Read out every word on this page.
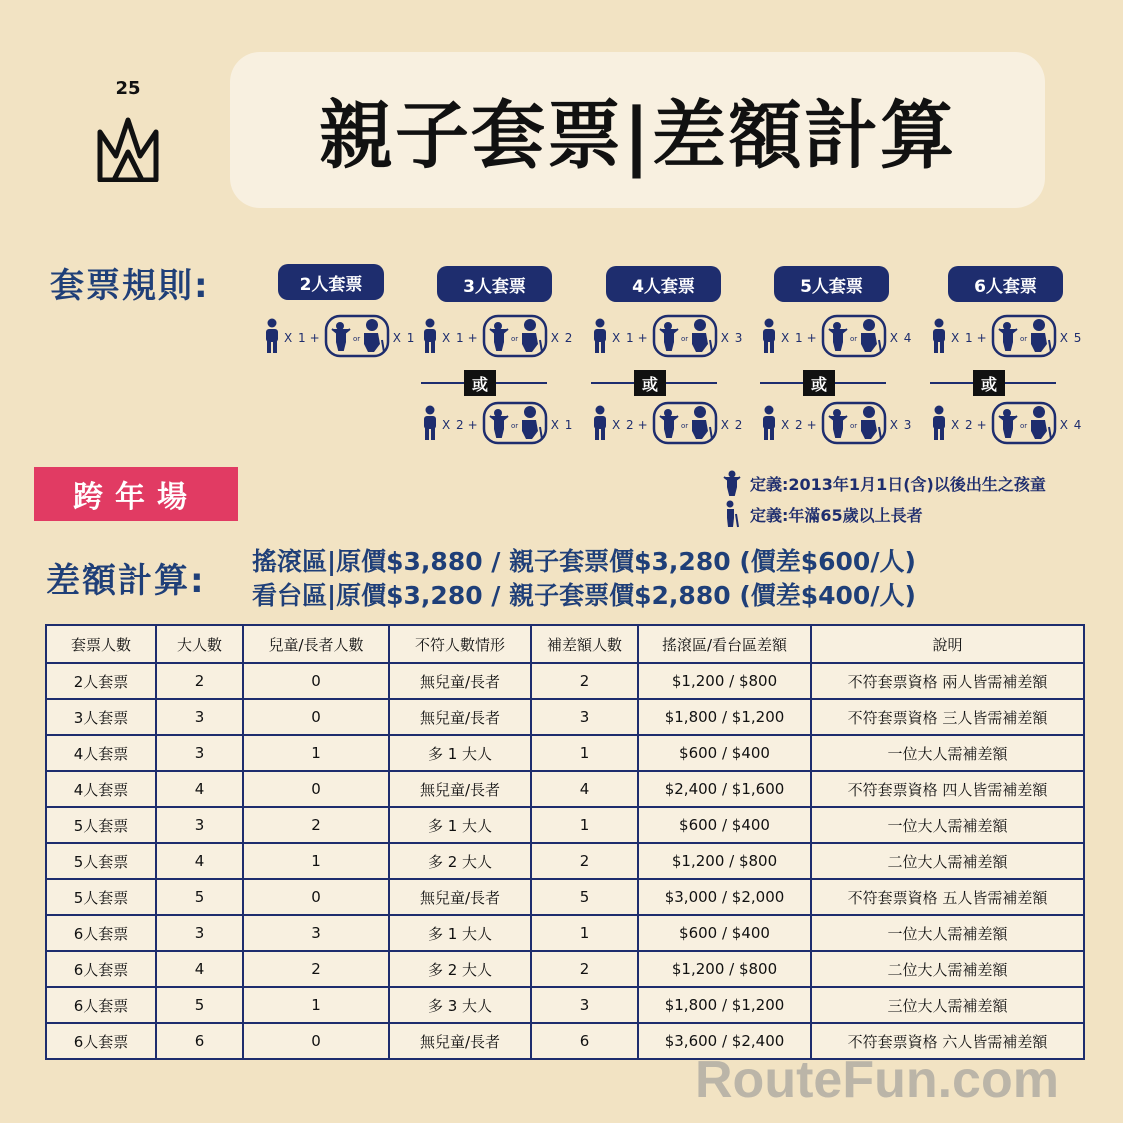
25
親子套票|差額計算
套票規則:	2人套票
X 1 +	or	X 1
3人套票
X 1 +	or	X 2
或
X 2 +	or	X 1
4人套票
X 1 +	or	X 3
或
X 2 +	or	X 2
5人套票
X 1 +	or	X 4
或
X 2 +	or	X 3
6人套票
X 1 +	or	X 5
或
X 2 +	or	X 4
跨年場	定義:2013年1月1日(含)以後出生之孩童
定義:年滿65歲以上長者
差額計算: 搖滾區|原價$3,880 / 親子套票價$3,280 (價差$600/人)
看台區|原價$3,280 / 親子套票價$2,880 (價差$400/人)
套票人數	大人數	兒童/長者人數	不符人數情形	補差額人數	搖滾區/看台區差額	說明
2人套票	2	0	無兒童/長者	2	$1,200 / $800	不符套票資格 兩人皆需補差額
3人套票	3	0	無兒童/長者	3	$1,800 / $1,200	不符套票資格 三人皆需補差額
4人套票	3	1	多 1 大人	1	$600 / $400	一位大人需補差額
4人套票	4	0	無兒童/長者	4	$2,400 / $1,600	不符套票資格 四人皆需補差額
5人套票	3	2	多 1 大人	1	$600 / $400	一位大人需補差額
5人套票	4	1	多 2 大人	2	$1,200 / $800	二位大人需補差額
5人套票	5	0	無兒童/長者	5	$3,000 / $2,000	不符套票資格 五人皆需補差額
6人套票	3	3	多 1 大人	1	$600 / $400	一位大人需補差額
6人套票	4	2	多 2 大人	2	$1,200 / $800	二位大人需補差額
6人套票	5	1	多 3 大人	3	$1,800 / $1,200	三位大人需補差額
6人套票	6	0	無兒童/長者	6	$3,600 / $2,400	不符套票資格 六人皆需補差額
RouteFun.com
